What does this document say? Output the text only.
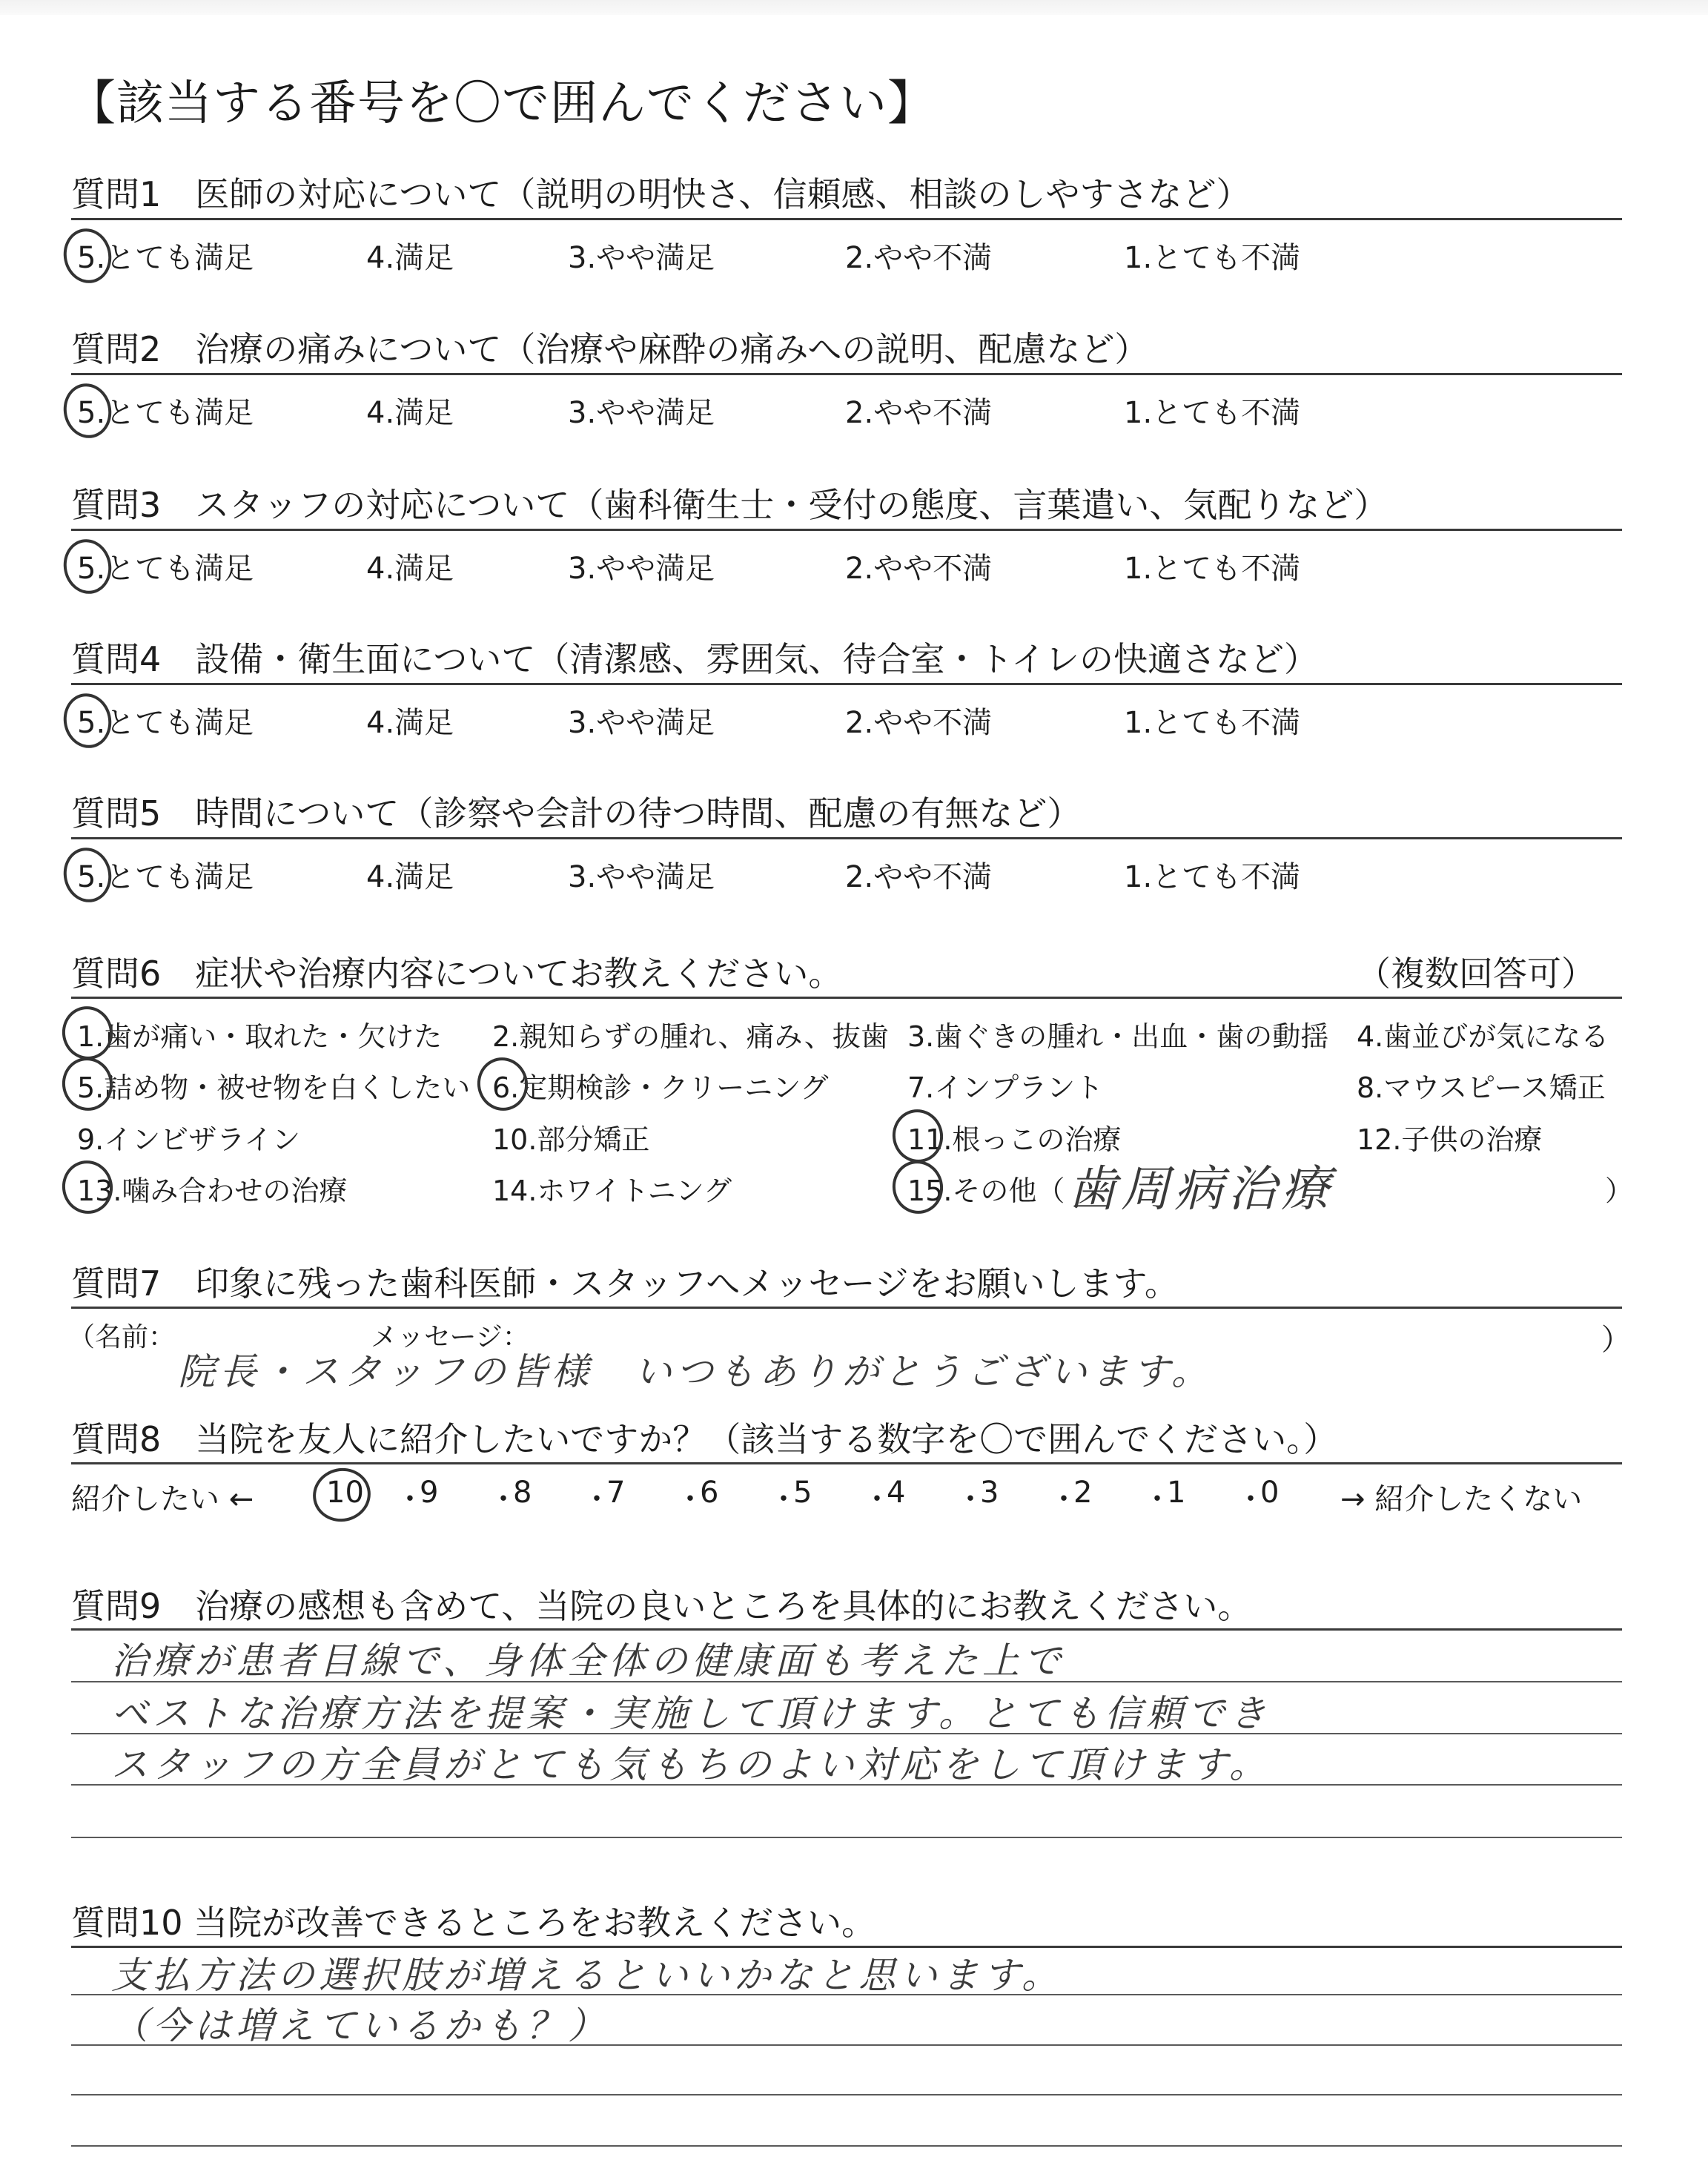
【該当する番号を〇で囲んでください】
質問1　医師の対応について（説明の明快さ、信頼感、相談のしやすさなど）
5.とても満足	4.満足	3.やや満足	2.やや不満	1.とても不満
質問2　治療の痛みについて（治療や麻酔の痛みへの説明、配慮など）
5.とても満足	4.満足	3.やや満足	2.やや不満	1.とても不満
質問3　スタッフの対応について（歯科衛生士・受付の態度、言葉遣い、気配りなど）
5.とても満足	4.満足	3.やや満足	2.やや不満	1.とても不満
質問4　設備・衛生面について（清潔感、雰囲気、待合室・トイレの快適さなど）
5.とても満足	4.満足	3.やや満足	2.やや不満	1.とても不満
質問5　時間について（診察や会計の待つ時間、配慮の有無など）
5.とても満足	4.満足	3.やや満足	2.やや不満	1.とても不満
質問6　症状や治療内容についてお教えください。	（複数回答可）
1.歯が痛い・取れた・欠けた 2.親知らずの腫れ、痛み、抜歯 3.歯ぐきの腫れ・出血・歯の動揺 4.歯並びが気になる
5.詰め物・被せ物を白くしたい 6.定期検診・クリーニング	7.インプラント	8.マウスピース矯正
9.インビザライン	10.部分矯正	11.根っこの治療	12.子供の治療
13.噛み合わせの治療	14.ホワイトニング	15.その他（	）
歯周病治療
質問7　印象に残った歯科医師・スタッフへメッセージをお願いします。
（名前：	メッセージ：	）
院長・スタッフの皆様　いつもありがとうございます。
質問8　当院を友人に紹介したいですか？（該当する数字を〇で囲んでください。）
紹介したい ←	→ 紹介したくない
10 ・
9 ・
8 ・
7 ・
6 ・
5 ・
4 ・
3 ・
2 ・
1 ・
0
質問9　治療の感想も含めて、当院の良いところを具体的にお教えください。
治療が患者目線で、身体全体の健康面も考えた上で
ベストな治療方法を提案・実施して頂けます。とても信頼でき
スタッフの方全員がとても気もちのよい対応をして頂けます。
質問10 当院が改善できるところをお教えください。
支払方法の選択肢が増えるといいかなと思います。
（今は増えているかも？）
